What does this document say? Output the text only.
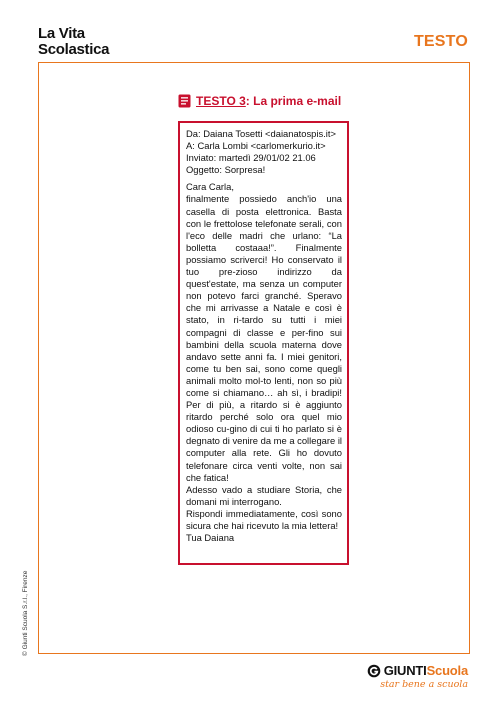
La Vita
Scolastica	TESTO
TESTO 3: La prima e-mail

Da: Daiana Tosetti <daianatospis.it>

A: Carla Lombi <carlomerkurio.it>

Inviato: martedì 29/01/02 21.06

Oggetto: Sorpresa!

Cara Carla,

finalmente possiedo anch'io una casella di posta elettronica. Basta con le frettolose telefonate serali, con l'eco delle madri che urlano: “La bolletta costaaa!”. Finalmente possiamo scriverci! Ho conservato il tuo pre-zioso indirizzo da quest'estate, ma senza un computer non potevo farci granché. Speravo che mi arrivasse a Natale e così è stato, in ri-tardo su tutti i miei compagni di classe e per-fino sui bambini della scuola materna dove andavo sette anni fa. I miei genitori, come tu ben sai, sono come quegli animali molto mol-to lenti, non so più come si chiamano… ah sì, i bradipi! Per di più, a ritardo si è aggiunto ritardo perché solo ora quel mio odioso cu-gino di cui ti ho parlato si è degnato di venire da me a collegare il computer alla rete. Gli ho dovuto telefonare circa venti volte, non sai che fatica!

Adesso vado a studiare Storia, che domani mi interrogano.

Rispondi immediatamente, così sono sicura che hai ricevuto la mia lettera!

Tua Daiana

© Giunti Scuola S.r.l., Firenze
GIUNTI Scuola
star bene a scuola
